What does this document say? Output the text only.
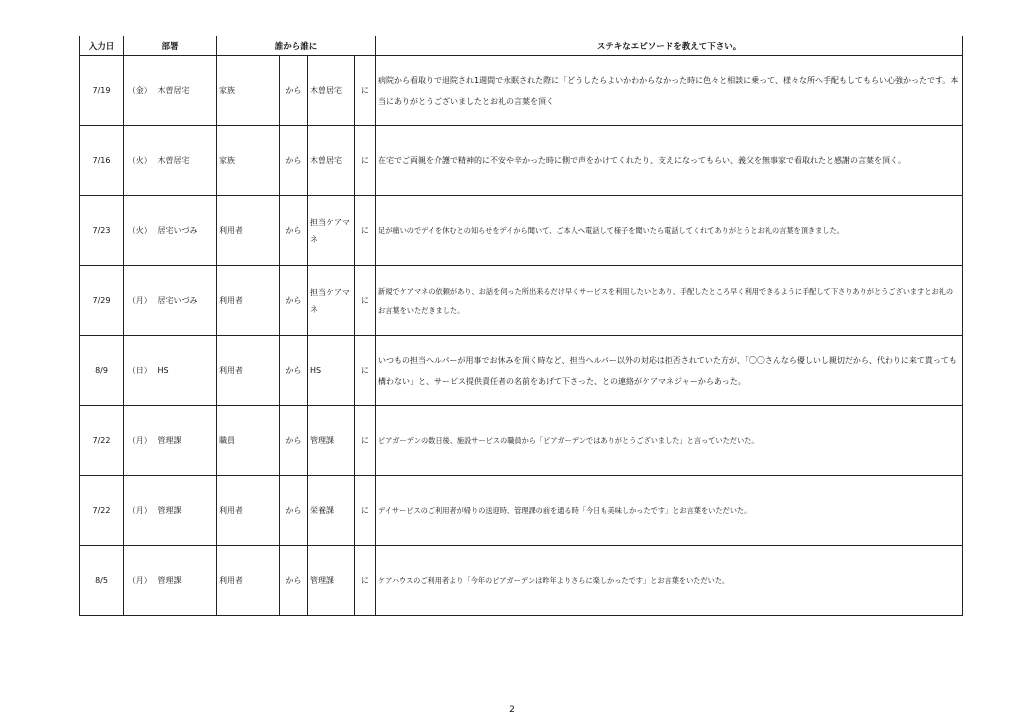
入力日	部署		誰から誰に				ステキなエピソードを教えて下さい。
7/19	（金）	木曽居宅	家族	から	木曽居宅	に	病院から看取りで退院され1週間で永眠された際に「どうしたらよいかわからなかった時に色々と相談に乗って、様々な所へ手配もしてもらい心強かったです。本当にありがとうございましたとお礼の言葉を頂く
7/16	（火）	木曽居宅	家族	から	木曽居宅	に	在宅でご両親を介護で精神的に不安や辛かった時に側で声をかけてくれたり、支えになってもらい、義父を無事家で看取れたと感謝の言葉を頂く。
7/23	（火）	居宅いづみ	利用者	から	担当ケアマネ	に	足が痛いのでデイを休むとの知らせをデイから聞いて、ご本人へ電話して様子を聞いたら電話してくれてありがとうとお礼の言葉を頂きました。
7/29	（月）	居宅いづみ	利用者	から	担当ケアマネ	に	新規でケアマネの依頼があり、お話を伺った所出来るだけ早くサービスを利用したいとあり、手配したところ早く利用できるように手配して下さりありがとうございますとお礼のお言葉をいただきました。
8/9	（日）	HS	利用者	から	HS	に	いつもの担当ヘルパーが用事でお休みを頂く時など、担当ヘルパー以外の対応は拒否されていた方が、「〇〇さんなら優しいし親切だから、代わりに来て貰っても構わない」と、サービス提供責任者の名前をあげて下さった、との連絡がケアマネジャーからあった。
7/22	（月）	管理課	職員	から	管理課	に	ピアガーデンの数日後、施設サービスの職員から「ピアガーデンではありがとうございました」と言っていただいた。
7/22	（月）	管理課	利用者	から	栄養課	に	デイサービスのご利用者が帰りの送迎時、管理課の前を通る時「今日も美味しかったです」とお言葉をいただいた。
8/5	（月）	管理課	利用者	から	管理課	に	ケアハウスのご利用者より「今年のピアガーデンは昨年よりさらに楽しかったです」とお言葉をいただいた。
2
